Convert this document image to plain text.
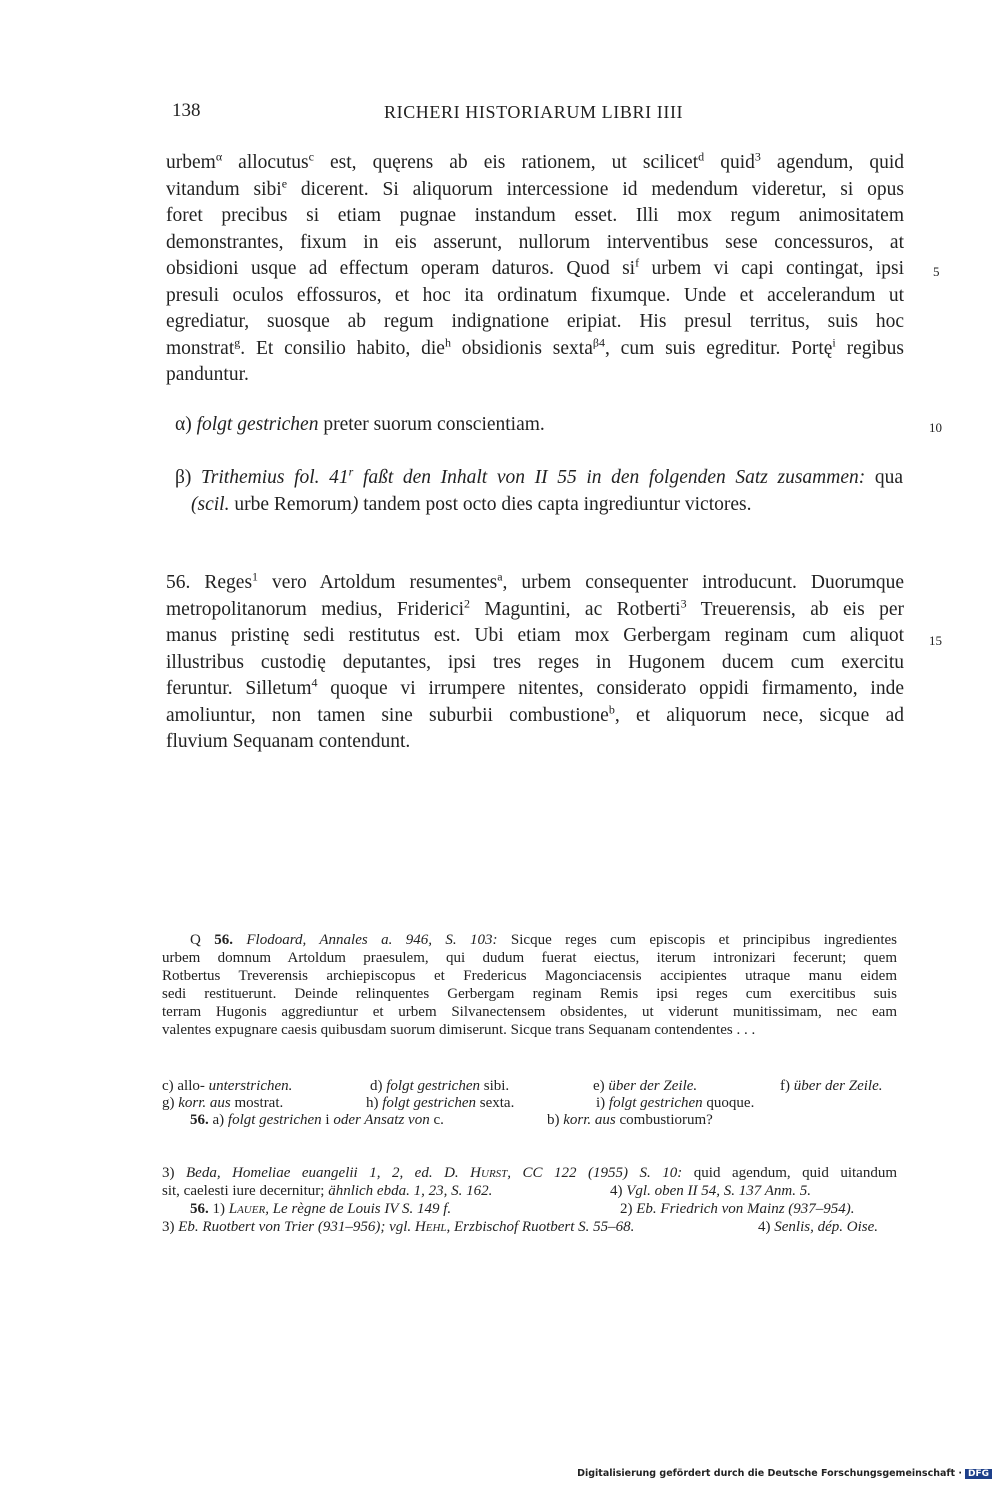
138	RICHERI HISTORIARUM LIBRI IIII
urbem$^\alpha$ allocutus$^c$ est, quęrens ab eis rationem, ut scilicet$^d$ quid$^3$ agendum, quid
vitandum sibi$^e$ dicerent. Si aliquorum intercessione id medendum videretur, si opus
foret precibus si etiam pugnae instandum esset. Illi mox regum animositatem
demonstrantes, fixum in eis asserunt, nullorum interventibus sese concessuros, at
obsidioni usque ad effectum operam daturos. Quod $si^f$ urbem vi capi contingat, ipsi
presuli oculos effossuros, et hoc ita ordinatum fixumque. Unde et accelerandum ut
egrediatur, suosque ab regum indignatione eripiat. His presul territus, suis hoc
monstrat$^g$. Et consilio habito, die$^h$ obsidionis sexta$^{\beta 4}$, cum suis egreditur. Portę$^i$ regibus
panduntur.
5
10
15
α) folgt gestrichen preter suorum conscientiam.
β) Trithemius fol. 41$^r$ faßt den Inhalt von II 55 in den folgenden Satz zusammen: qua
(scil. urbe Remorum) tandem post octo dies capta ingrediuntur victores.
56. Reges$^1$ vero Artoldum resumentes$^a$, urbem consequenter introducunt. Duorumque
metropolitanorum medius, Friderici$^2$ Maguntini, ac Rotberti$^3$ Treuerensis, ab eis per
manus pristinę sedi restitutus est. Ubi etiam mox Gerbergam reginam cum aliquot
illustribus custodię deputantes, ipsi tres reges in Hugonem ducem cum exercitu
feruntur. Silletum$^4$ quoque vi irrumpere nitentes, considerato oppidi firmamento, inde
amoliuntur, non tamen sine suburbii combustione$^b$, et aliquorum nece, sicque ad
fluvium Sequanam contendunt.
Q 56. Flodoard, Annales a. 946, S. 103: Sicque reges cum episcopis et principibus ingredientes
urbem domnum Artoldum praesulem, qui dudum fuerat eiectus, iterum intronizari fecerunt; quem
Rotbertus Treverensis archiepiscopus et Fredericus Magonciacensis accipientes utraque manu eidem
sedi restituerunt. Deinde relinquentes Gerbergam reginam Remis ipsi reges cum exercitibus suis
terram Hugonis aggrediuntur et urbem Silvanectensem obsidentes, ut viderunt munitissimam, nec eam
valentes expugnare caesis quibusdam suorum dimiserunt. Sicque trans Sequanam contendentes . . .
c) allo- unterstrichen.	d) folgt gestrichen sibi.	e) über der Zeile.	f) über der Zeile.
g) korr. aus mostrat.	h) folgt gestrichen sexta.	i) folgt gestrichen quoque.
56. a) folgt gestrichen i oder Ansatz von c.	b) korr. aus combustiorum?
3) Beda, Homeliae euangelii 1, 2, ed. D. Hurst, CC 122 (1955) S. 10: quid agendum, quid uitandum
sit, caelesti iure decernitur; ähnlich ebda. 1, 23, S. 162.	4) Vgl. oben II 54, S. 137 Anm. 5.
56. 1) Lauer, Le règne de Louis IV S. 149 f.	2) Eb. Friedrich von Mainz (937–954).
3) Eb. Ruotbert von Trier (931–956); vgl. Hehl, Erzbischof Ruotbert S. 55–68.	4) Senlis, dép. Oise.
Digitalisierung gefördert durch die Deutsche Forschungsgemeinschaft · DFG
